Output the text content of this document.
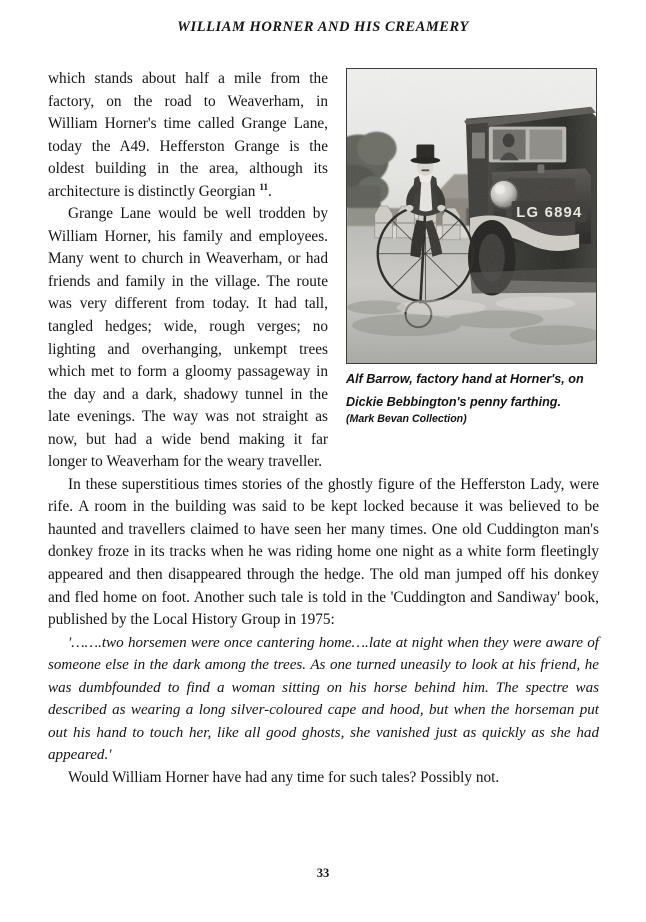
WILLIAM HORNER AND HIS CREAMERY
Alf Barrow, factory hand at Horner's, on
Dickie Bebbington's penny farthing.
(Mark Bevan Collection)

which stands about half a mile from the factory, on the road to Weaverham, in William Horner's time called Grange Lane, today the A49. Hefferston Grange is the oldest building in the area, although its architecture is distinctly Georgian $^{11}$.

Grange Lane would be well trodden by William Horner, his family and employees. Many went to church in Weaverham, or had friends and family in the village. The route was very different from today. It had tall, tangled hedges; wide, rough verges; no lighting and overhanging, unkempt trees which met to form a gloomy passageway in the day and a dark, shadowy tunnel in the late evenings. The way was not straight as now, but had a wide bend making it far longer to Weaverham for the weary traveller.

In these superstitious times stories of the ghostly figure of the Hefferston Lady, were rife. A room in the building was said to be kept locked because it was believed to be haunted and travellers claimed to have seen her many times. One old Cuddington man's donkey froze in its tracks when he was riding home one night as a white form fleetingly appeared and then disappeared through the hedge. The old man jumped off his donkey and fled home on foot. Another such tale is told in the 'Cuddington and Sandiway' book, published by the Local History Group in 1975:

'…….two horsemen were once cantering home….late at night when they were aware of someone else in the dark among the trees. As one turned uneasily to look at his friend, he was dumbfounded to find a woman sitting on his horse behind him. The spectre was described as wearing a long silver-coloured cape and hood, but when the horseman put out his hand to touch her, like all good ghosts, she vanished just as quickly as she had appeared.'

Would William Horner have had any time for such tales? Possibly not.

33
